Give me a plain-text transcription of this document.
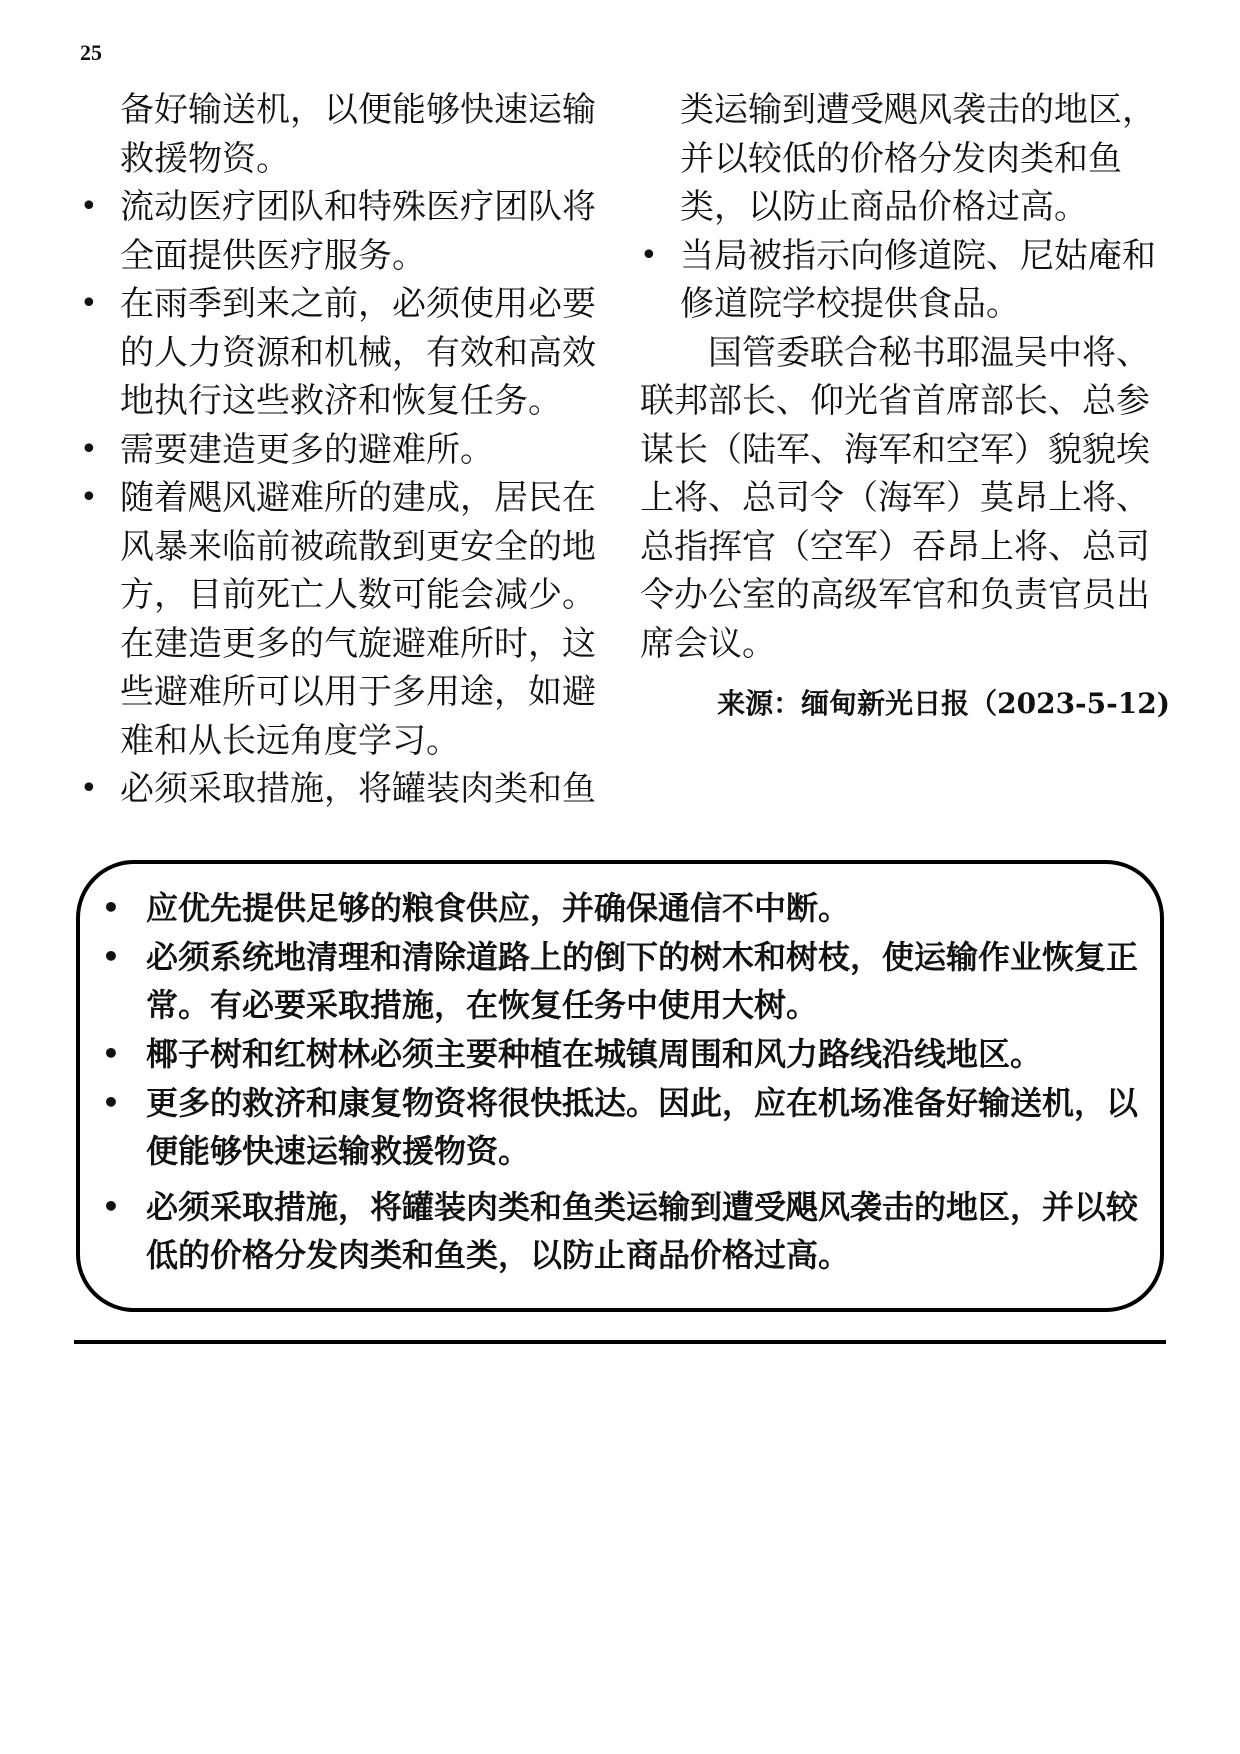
25
备好输送机，以便能够快速运输救援物资。
• 流动医疗团队和特殊医疗团队将全面提供医疗服务。
• 在雨季到来之前，必须使用必要的人力资源和机械，有效和高效地执行这些救济和恢复任务。
• 需要建造更多的避难所。
• 随着飓风避难所的建成，居民在风暴来临前被疏散到更安全的地方，目前死亡人数可能会减少。在建造更多的气旋避难所时，这些避难所可以用于多用途，如避难和从长远角度学习。
• 必须采取措施，将罐装肉类和鱼
类运输到遭受飓风袭击的地区，并以较低的价格分发肉类和鱼类，以防止商品价格过高。
• 当局被指示向修道院、尼姑庵和修道院学校提供食品。
国管委联合秘书耶温吴中将、联邦部长、仰光省首席部长、总参谋长（陆军、海军和空军）貌貌埃上将、总司令（海军）莫昂上将、总指挥官（空军）吞昂上将、总司令办公室的高级军官和负责官员出席会议。
来源：缅甸新光日报（2023-5-12)
• 应优先提供足够的粮食供应，并确保通信不中断。
• 必须系统地清理和清除道路上的倒下的树木和树枝，使运输作业恢复正常。有必要采取措施，在恢复任务中使用大树。
• 椰子树和红树林必须主要种植在城镇周围和风力路线沿线地区。
• 更多的救济和康复物资将很快抵达。因此，应在机场准备好输送机，以便能够快速运输救援物资。
• 必须采取措施，将罐装肉类和鱼类运输到遭受飓风袭击的地区，并以较低的价格分发肉类和鱼类，以防止商品价格过高。
